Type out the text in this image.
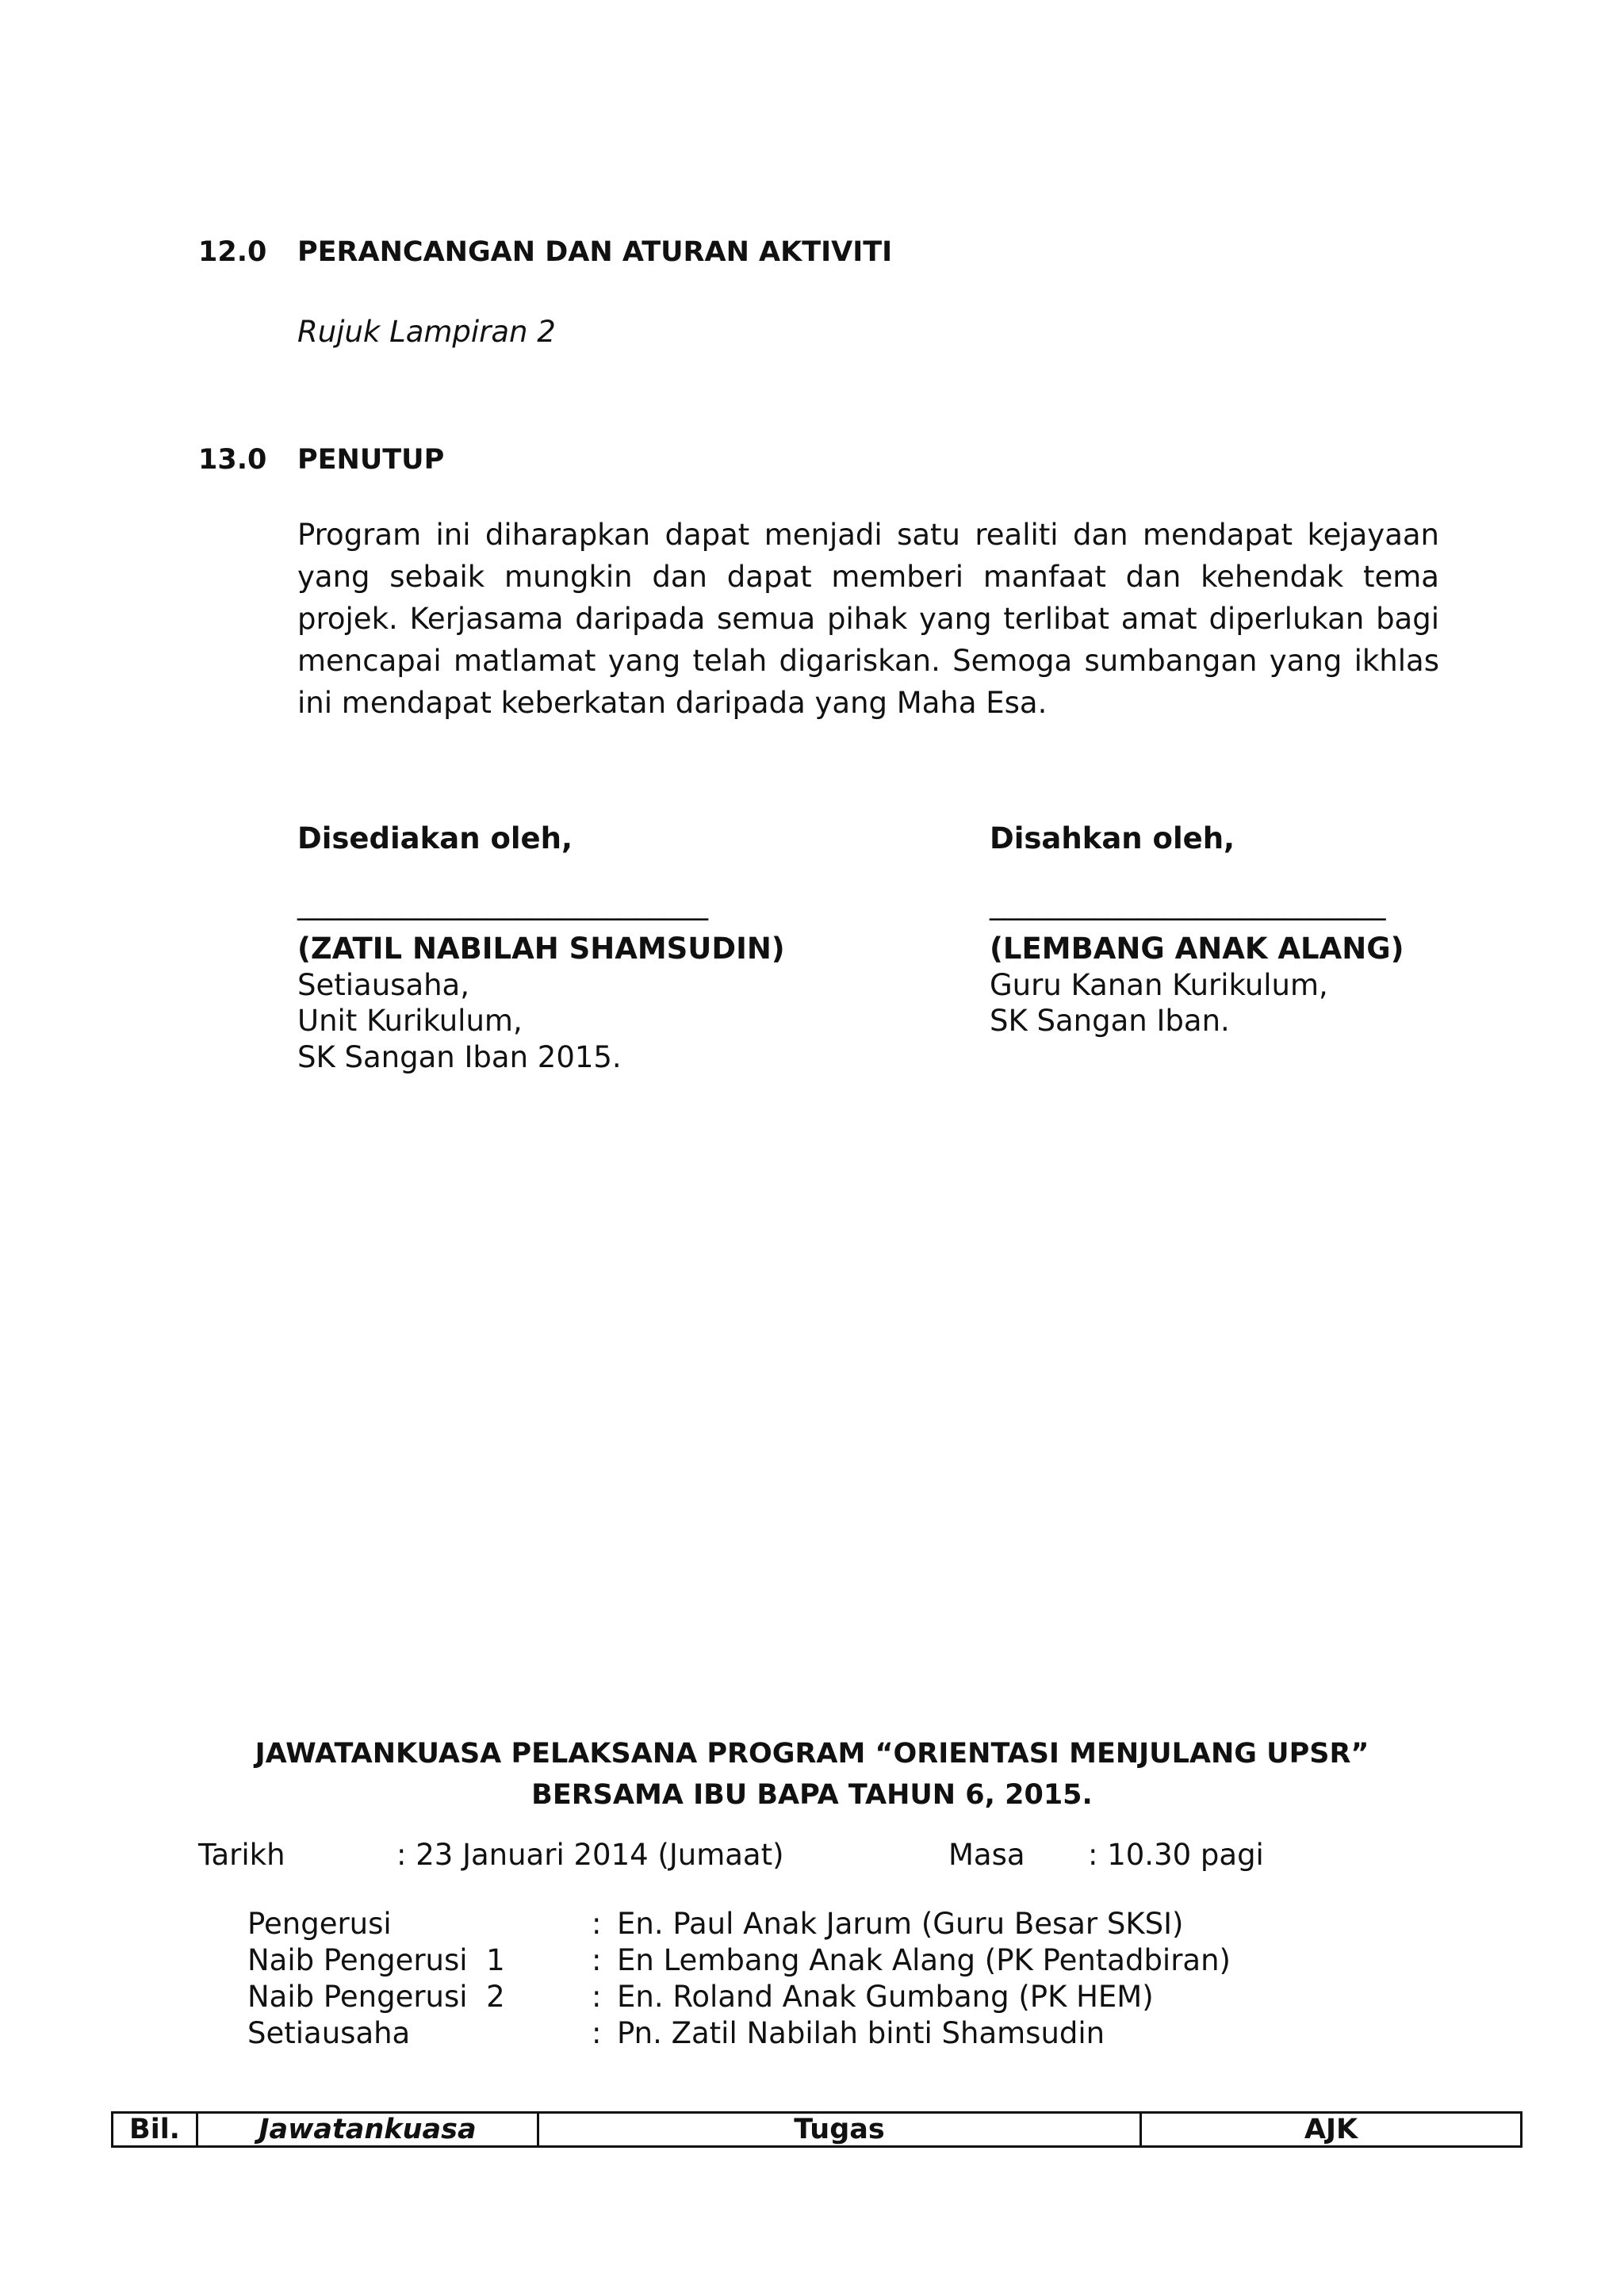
12.0 PERANCANGAN DAN ATURAN AKTIVITI
Rujuk Lampiran 2
13.0 PENUTUP
Program ini diharapkan dapat menjadi satu realiti dan mendapat kejayaan yang sebaik mungkin dan dapat memberi manfaat dan kehendak tema projek. Kerjasama daripada semua pihak yang terlibat amat diperlukan bagi mencapai matlamat yang telah digariskan. Semoga sumbangan yang ikhlas ini mendapat keberkatan daripada yang Maha Esa.
Disediakan oleh,
____________________________
(ZATIL NABILAH SHAMSUDIN)
Setiausaha,
Unit Kurikulum,
SK Sangan Iban 2015.
Disahkan oleh,
___________________________
(LEMBANG ANAK ALANG)
Guru Kanan Kurikulum,
SK Sangan Iban.
JAWATANKUASA PELAKSANA PROGRAM “ORIENTASI MENJULANG UPSR”
BERSAMA IBU BAPA TAHUN 6, 2015.
Tarikh	: 23 Januari 2014 (Jumaat)	Masa : 10.30 pagi
Pengerusi	: En. Paul Anak Jarum (Guru Besar SKSI)
Naib Pengerusi  1	: En Lembang Anak Alang (PK Pentadbiran)
Naib Pengerusi  2	: En. Roland Anak Gumbang (PK HEM)
Setiausaha	: Pn. Zatil Nabilah binti Shamsudin
Bil.	Jawatankuasa	Tugas	AJK
